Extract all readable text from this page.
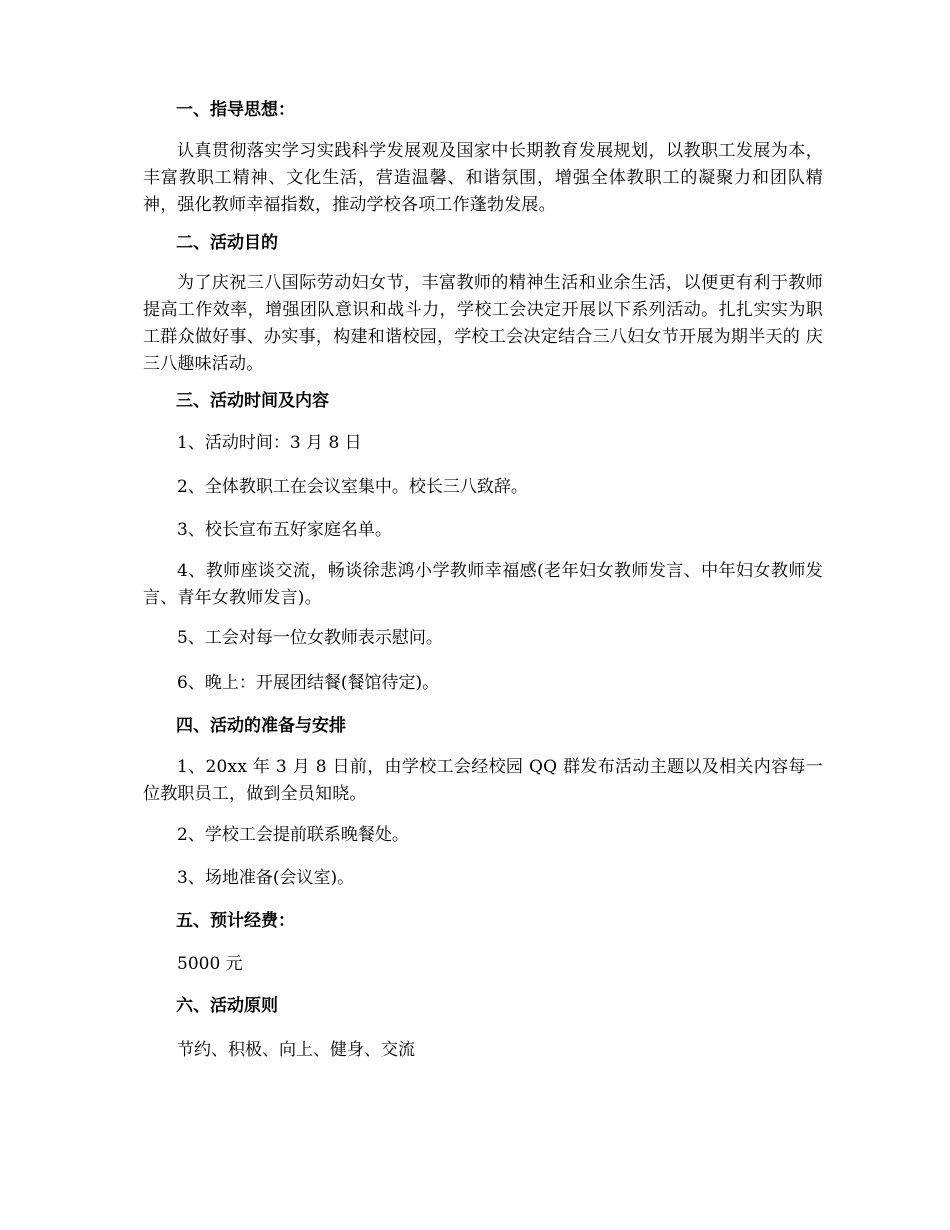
一、指导思想：
认真贯彻落实学习实践科学发展观及国家中长期教育发展规划，以教职工发展为本，丰富教职工精神、文化生活，营造温馨、和谐氛围，增强全体教职工的凝聚力和团队精神，强化教师幸福指数，推动学校各项工作蓬勃发展。
二、活动目的
为了庆祝三八国际劳动妇女节，丰富教师的精神生活和业余生活，以便更有利于教师提高工作效率，增强团队意识和战斗力，学校工会决定开展以下系列活动。扎扎实实为职工群众做好事、办实事，构建和谐校园，学校工会决定结合三八妇女节开展为期半天的 庆三八趣味活动。
三、活动时间及内容
1、活动时间：3 月 8 日
2、全体教职工在会议室集中。校长三八致辞。
3、校长宣布五好家庭名单。
4、教师座谈交流，畅谈徐悲鸿小学教师幸福感(老年妇女教师发言、中年妇女教师发言、青年女教师发言)。
5、工会对每一位女教师表示慰问。
6、晚上：开展团结餐(餐馆待定)。
四、活动的准备与安排
1、20xx 年 3 月 8 日前，由学校工会经校园 QQ 群发布活动主题以及相关内容每一位教职员工，做到全员知晓。
2、学校工会提前联系晚餐处。
3、场地准备(会议室)。
五、预计经费：
5000 元
六、活动原则
节约、积极、向上、健身、交流
